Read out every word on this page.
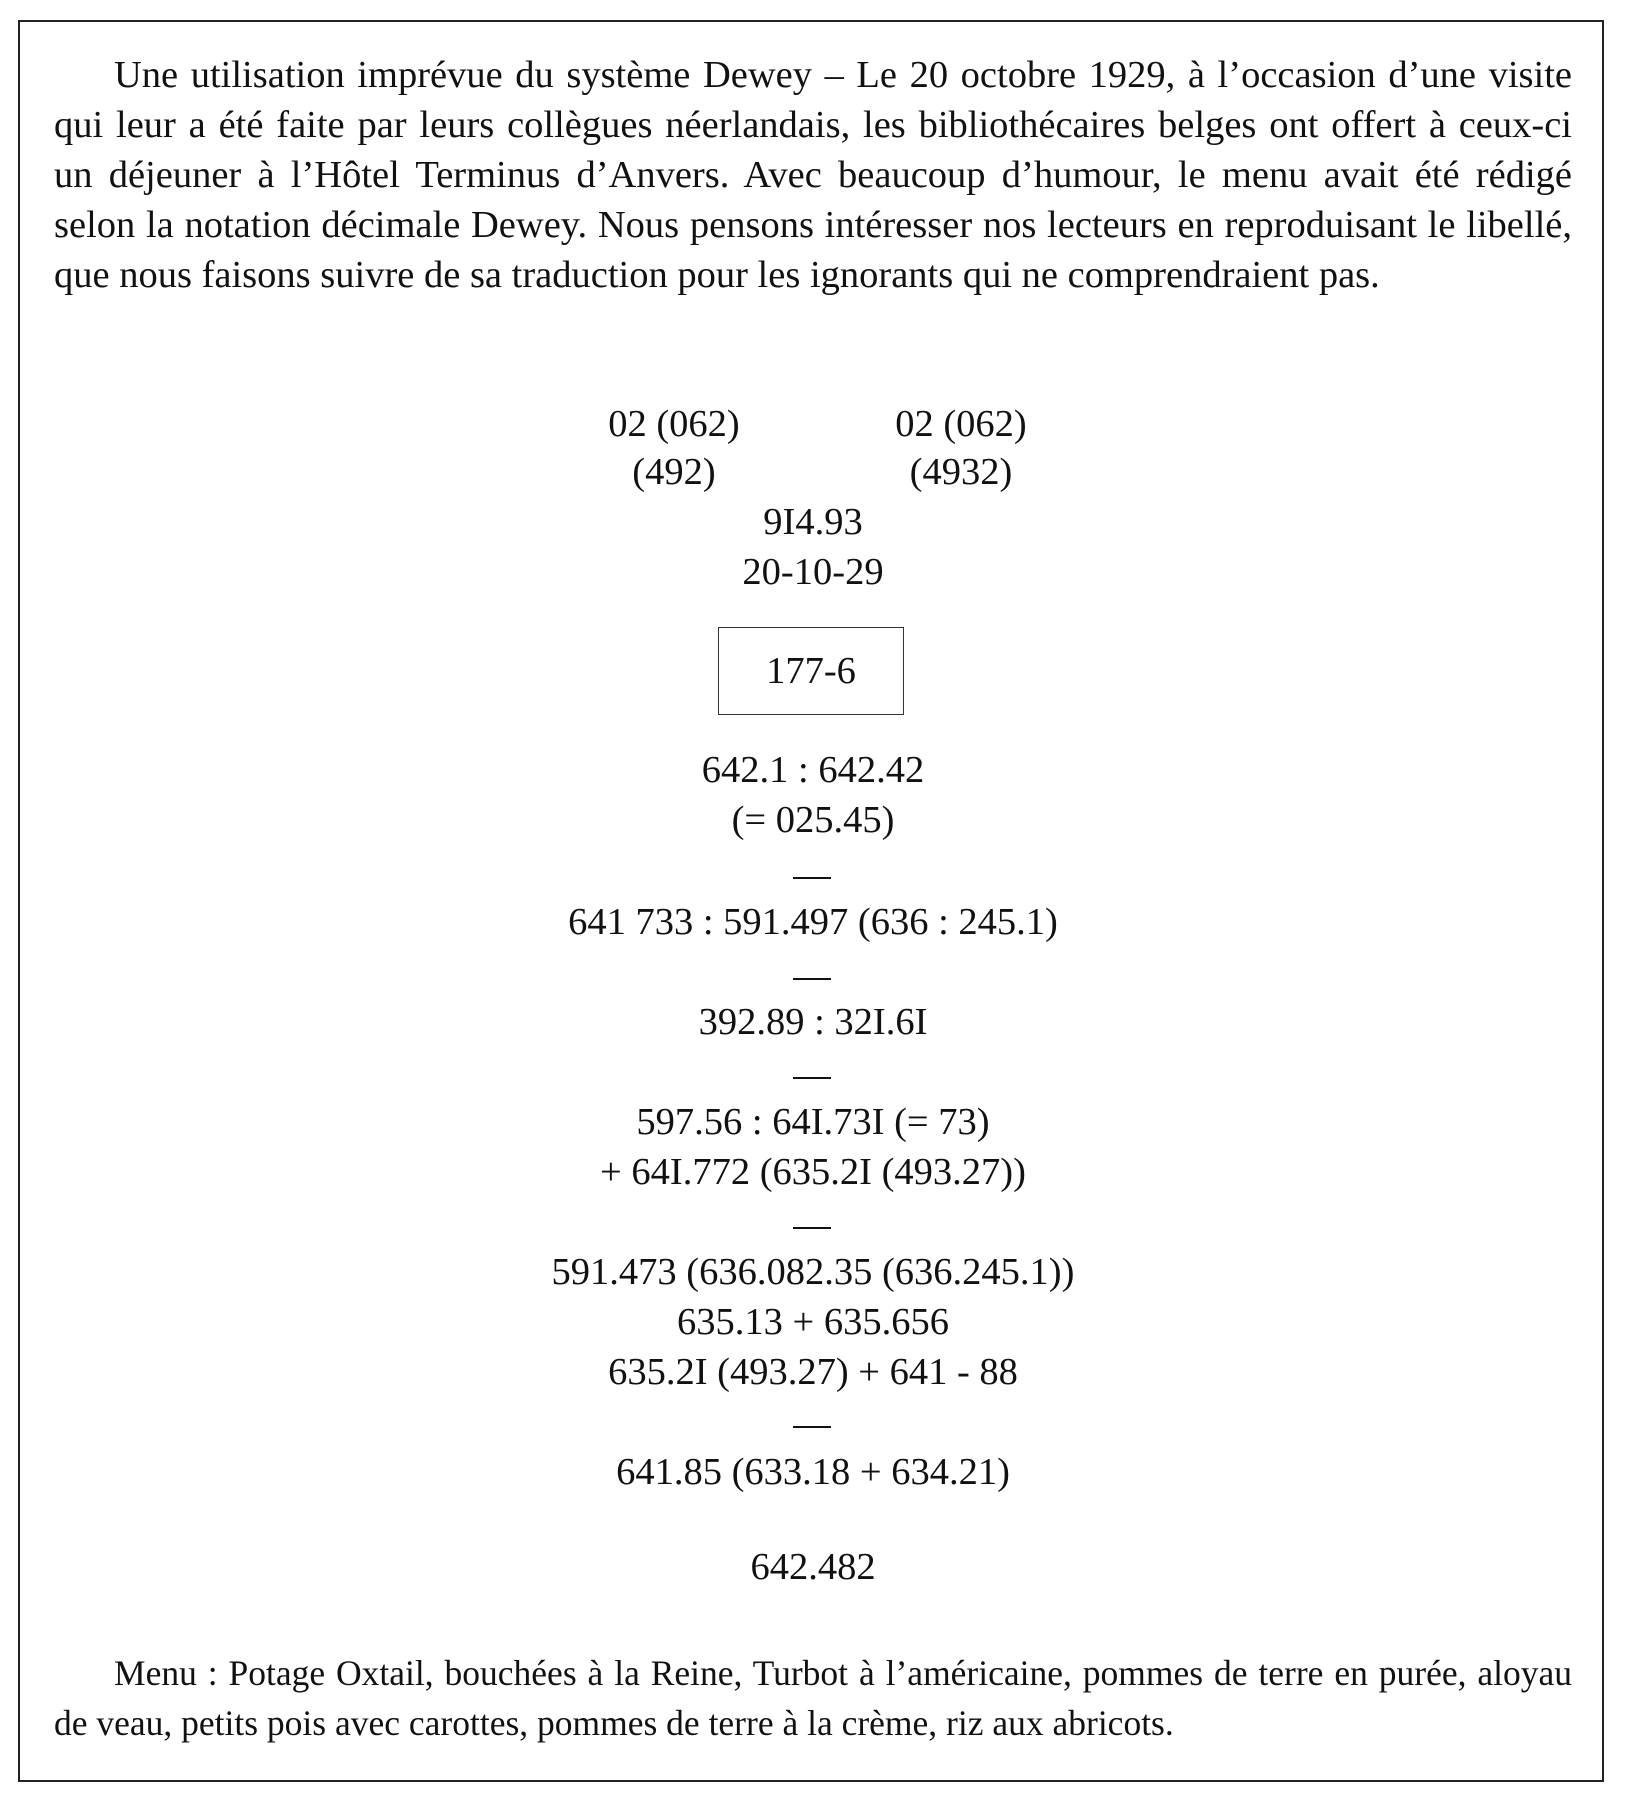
Une utilisation imprévue du système Dewey – Le 20 octobre 1929, à l’occasion d’une visite qui leur a été faite par leurs collègues néerlandais, les bibliothécaires belges ont offert à ceux-ci un déjeuner à l’Hôtel Terminus d’Anvers. Avec beaucoup d’humour, le menu avait été rédigé selon la notation décimale Dewey. Nous pensons intéresser nos lecteurs en reproduisant le libellé, que nous faisons suivre de sa traduction pour les ignorants qui ne comprendraient pas.

02 (062)
(492)
02 (062)
(4932)
9I4.93
20-10-29
177-6
642.1 : 642.42
(= 025.45)
641 733 : 591.497 (636 : 245.1)
392.89 : 32I.6I
597.56 : 64I.73I (= 73)
+ 64I.772 (635.2I (493.27))
591.473 (636.082.35 (636.245.1))
635.13 + 635.656
635.2I (493.27) + 641 - 88
641.85 (633.18 + 634.21)
642.482

Menu : Potage Oxtail, bouchées à la Reine, Turbot à l’américaine, pommes de terre en purée, aloyau de veau, petits pois avec carottes, pommes de terre à la crème, riz aux abricots.
